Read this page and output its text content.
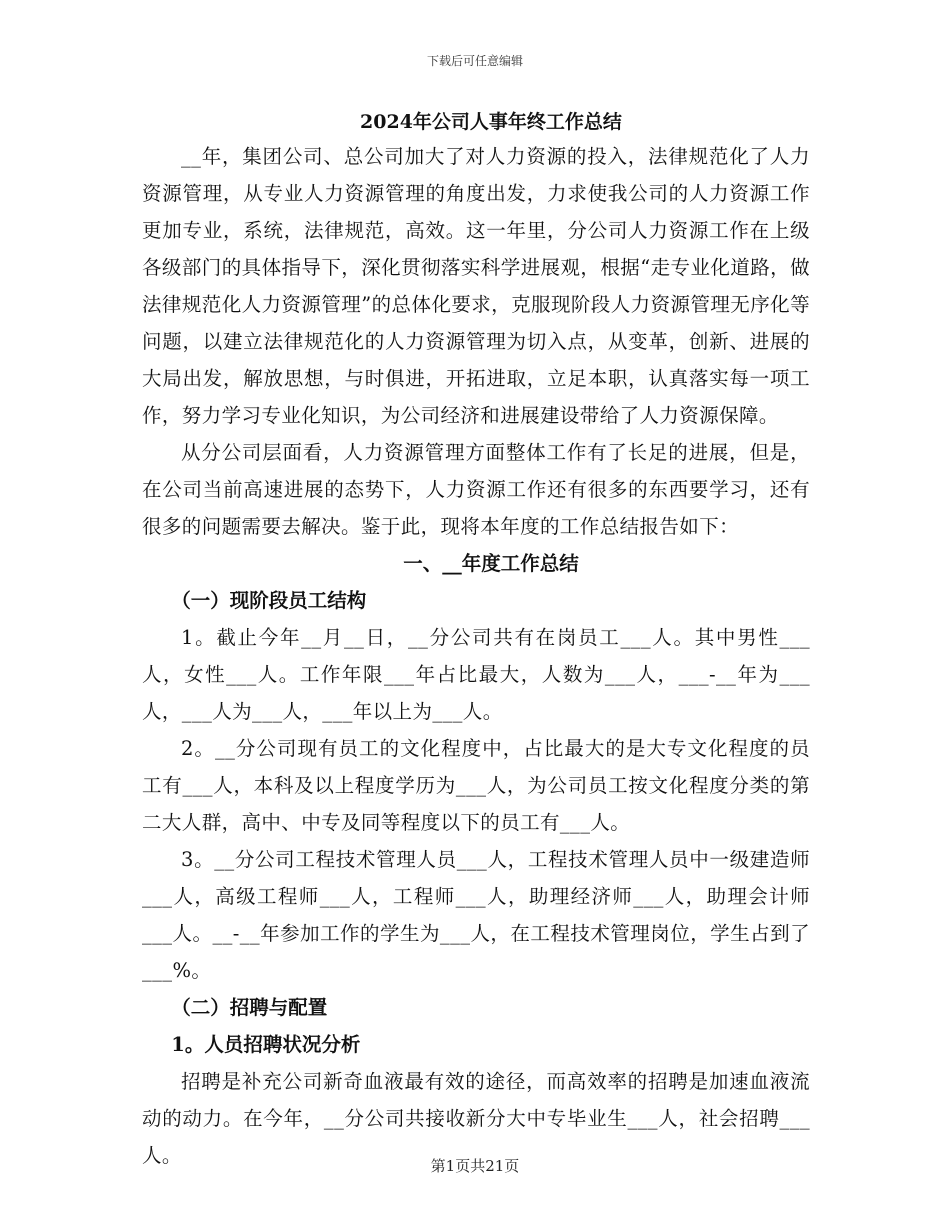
下载后可任意编辑
2024年公司人事年终工作总结

__年，集团公司、总公司加大了对人力资源的投入，法律规范化了人力资源管理，从专业人力资源管理的角度出发，力求使我公司的人力资源工作更加专业，系统，法律规范，高效。这一年里，分公司人力资源工作在上级各级部门的具体指导下，深化贯彻落实科学进展观，根据“走专业化道路，做法律规范化人力资源管理”的总体化要求，克服现阶段人力资源管理无序化等问题，以建立法律规范化的人力资源管理为切入点，从变革，创新、进展的大局出发，解放思想，与时俱进，开拓进取，立足本职，认真落实每一项工作，努力学习专业化知识，为公司经济和进展建设带给了人力资源保障。

从分公司层面看，人力资源管理方面整体工作有了长足的进展，但是，在公司当前高速进展的态势下，人力资源工作还有很多的东西要学习，还有很多的问题需要去解决。鉴于此，现将本年度的工作总结报告如下：

一、__年度工作总结
（一）现阶段员工结构

1。截止今年__月__日，__分公司共有在岗员工___人。其中男性___人，女性___人。工作年限___年占比最大，人数为___人，___-__年为___人，___人为___人，___年以上为___人。

2。__分公司现有员工的文化程度中，占比最大的是大专文化程度的员工有___人，本科及以上程度学历为___人，为公司员工按文化程度分类的第二大人群，高中、中专及同等程度以下的员工有___人。

3。__分公司工程技术管理人员___人，工程技术管理人员中一级建造师___人，高级工程师___人，工程师___人，助理经济师___人，助理会计师___人。__-__年参加工作的学生为___人，在工程技术管理岗位，学生占到了___%。

（二）招聘与配置
1。人员招聘状况分析

招聘是补充公司新奇血液最有效的途径，而高效率的招聘是加速血液流动的动力。在今年，__分公司共接收新分大中专毕业生___人，社会招聘___人。	第1页共21页
